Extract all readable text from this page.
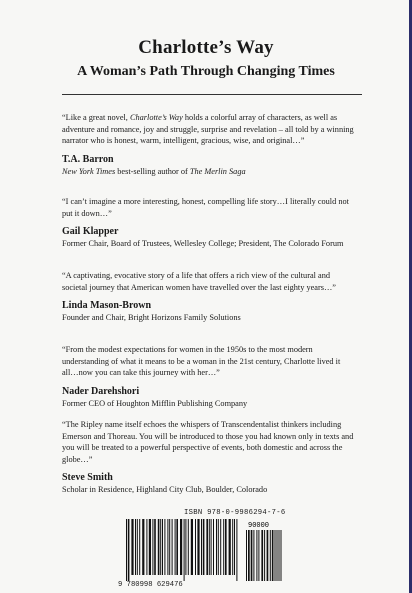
Charlotte’s Way
A Woman’s Path Through Changing Times

“Like a great novel, Charlotte’s Way holds a colorful array of characters, as well as adventure and romance, joy and struggle, surprise and revelation – all told by a winning narrator who is honest, warm, intelligent, gracious, wise, and original…”

T.A. Barron

New York Times best-selling author of The Merlin Saga

“I can’t imagine a more interesting, honest, compelling life story…I literally could not put it down…”

Gail Klapper

Former Chair, Board of Trustees, Wellesley College; President, The Colorado Forum

“A captivating, evocative story of a life that offers a rich view of the cultural and societal journey that American women have travelled over the last eighty years…”

Linda Mason-Brown

Founder and Chair, Bright Horizons Family Solutions

“From the modest expectations for women in the 1950s to the most modern understanding of what it means to be a woman in the 21st century, Charlotte lived it all…now you can take this journey with her…”

Nader Darehshori

Former CEO of Houghton Mifflin Publishing Company

“The Ripley name itself echoes the whispers of Transcendentalist thinkers including Emerson and Thoreau. You will be introduced to those you had known only in texts and you will be treated to a powerful perspective of events, both domestic and across the globe…”

Steve Smith

Scholar in Residence, Highland City Club, Boulder, Colorado

ISBN 978-0-9986294-7-6
90000
9 780998 629476
